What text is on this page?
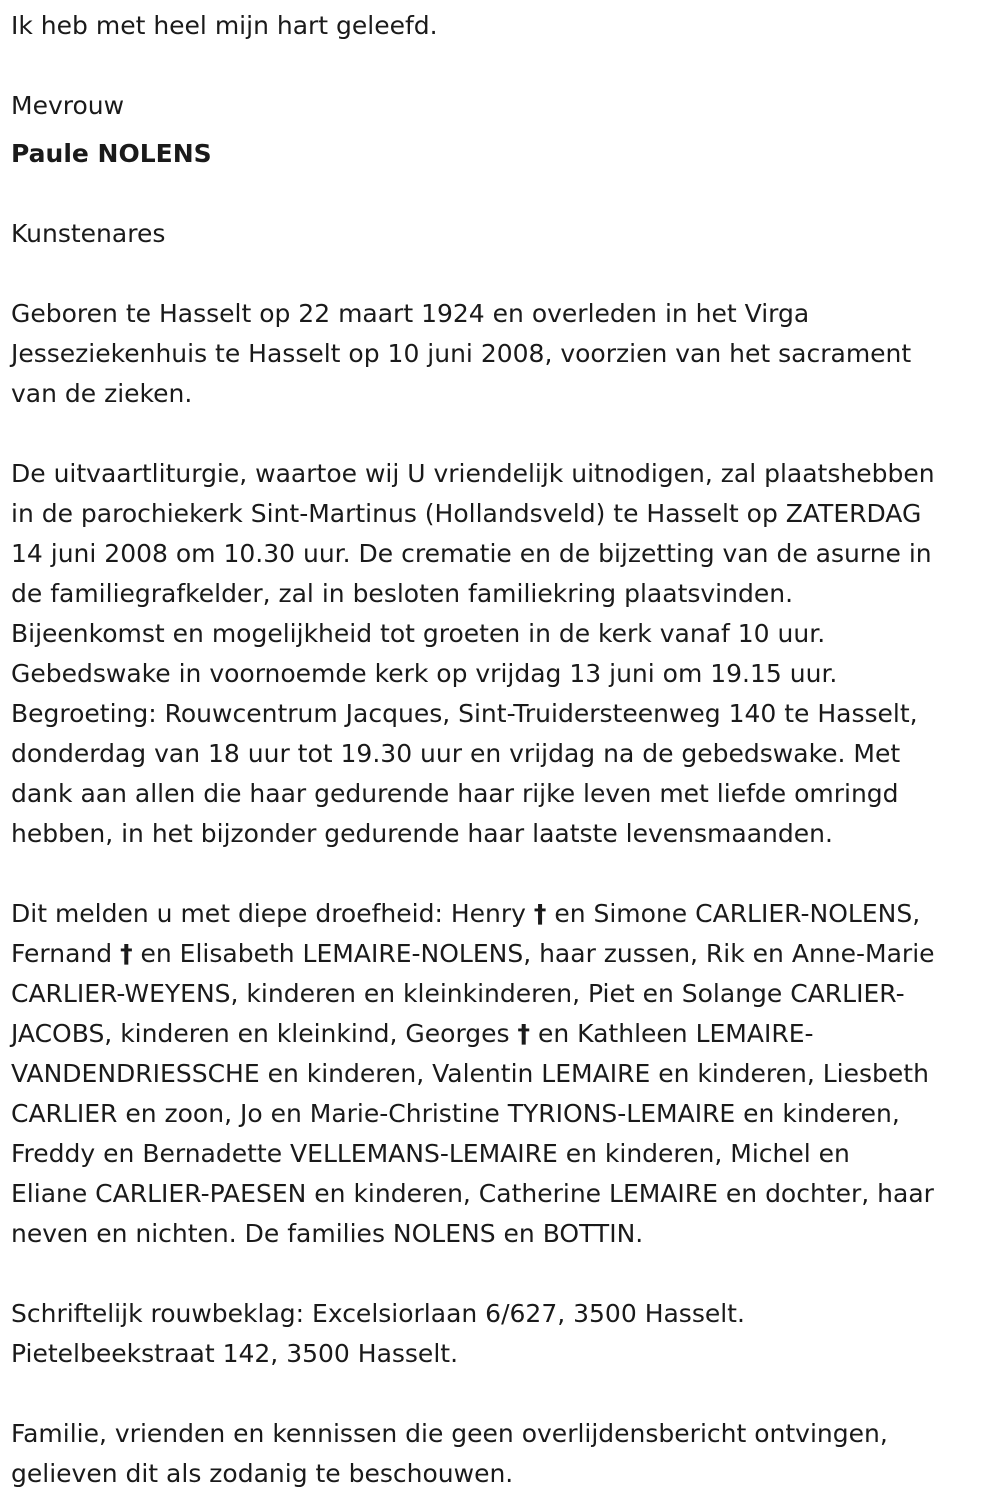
Ik heb met heel mijn hart geleefd.

Mevrouw

Paule NOLENS

Kunstenares

Geboren te Hasselt op 22 maart 1924 en overleden in het Virga

Jesseziekenhuis te Hasselt op 10 juni 2008, voorzien van het sacrament

van de zieken.

De uitvaartliturgie, waartoe wij U vriendelijk uitnodigen, zal plaatshebben

in de parochiekerk Sint-Martinus (Hollandsveld) te Hasselt op ZATERDAG

14 juni 2008 om 10.30 uur. De crematie en de bijzetting van de asurne in

de familiegrafkelder, zal in besloten familiekring plaatsvinden.

Bijeenkomst en mogelijkheid tot groeten in de kerk vanaf 10 uur.

Gebedswake in voornoemde kerk op vrijdag 13 juni om 19.15 uur.

Begroeting: Rouwcentrum Jacques, Sint-Truidersteenweg 140 te Hasselt,

donderdag van 18 uur tot 19.30 uur en vrijdag na de gebedswake. Met

dank aan allen die haar gedurende haar rijke leven met liefde omringd

hebben, in het bijzonder gedurende haar laatste levensmaanden.

Dit melden u met diepe droefheid: Henry † en Simone CARLIER-NOLENS,

Fernand † en Elisabeth LEMAIRE-NOLENS, haar zussen, Rik en Anne-Marie

CARLIER-WEYENS, kinderen en kleinkinderen, Piet en Solange CARLIER-

JACOBS, kinderen en kleinkind, Georges † en Kathleen LEMAIRE-

VANDENDRIESSCHE en kinderen, Valentin LEMAIRE en kinderen, Liesbeth

CARLIER en zoon, Jo en Marie-Christine TYRIONS-LEMAIRE en kinderen,

Freddy en Bernadette VELLEMANS-LEMAIRE en kinderen, Michel en

Eliane CARLIER-PAESEN en kinderen, Catherine LEMAIRE en dochter, haar

neven en nichten. De families NOLENS en BOTTIN.

Schriftelijk rouwbeklag: Excelsiorlaan 6/627, 3500 Hasselt.

Pietelbeekstraat 142, 3500 Hasselt.

Familie, vrienden en kennissen die geen overlijdensbericht ontvingen,

gelieven dit als zodanig te beschouwen.
